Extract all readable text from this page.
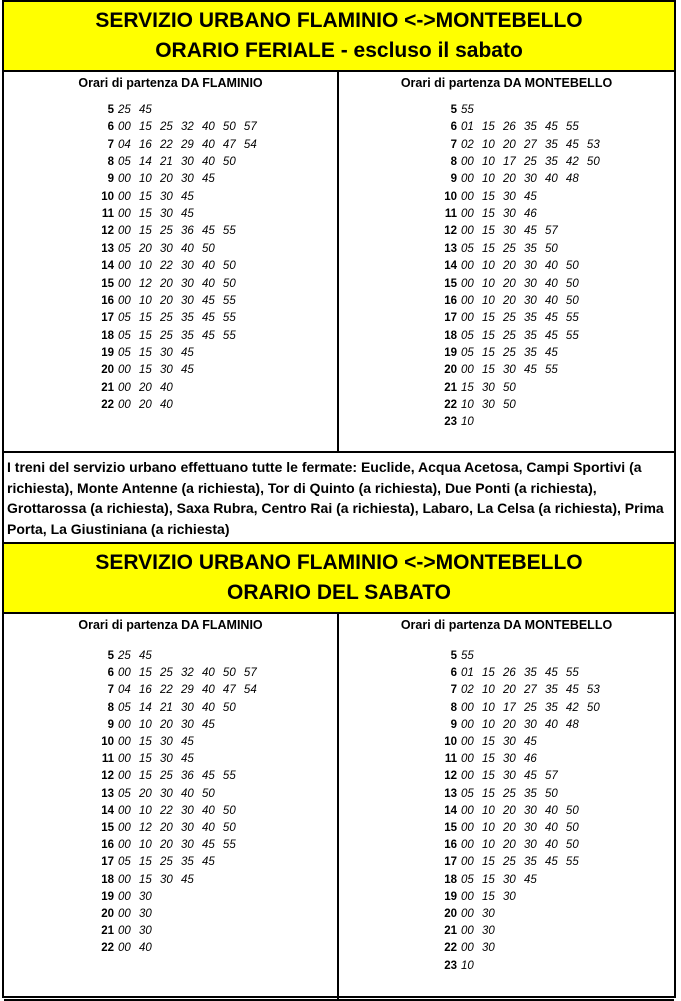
SERVIZIO URBANO FLAMINIO <->MONTEBELLO
ORARIO FERIALE - escluso il sabato
Orari di partenza DA FLAMINIO
5 25 45
6 00 15 25 32 40 50 57
7 04 16 22 29 40 47 54
8 05 14 21 30 40 50
9 00 10 20 30 45
10 00 15 30 45
11 00 15 30 45
12 00 15 25 36 45 55
13 05 20 30 40 50
14 00 10 22 30 40 50
15 00 12 20 30 40 50
16 00 10 20 30 45 55
17 05 15 25 35 45 55
18 05 15 25 35 45 55
19 05 15 30 45
20 00 15 30 45
21 00 20 40
22 00 20 40
Orari di partenza DA MONTEBELLO
5 55
6 01 15 26 35 45 55
7 02 10 20 27 35 45 53
8 00 10 17 25 35 42 50
9 00 10 20 30 40 48
10 00 15 30 45
11 00 15 30 46
12 00 15 30 45 57
13 05 15 25 35 50
14 00 10 20 30 40 50
15 00 10 20 30 40 50
16 00 10 20 30 40 50
17 00 15 25 35 45 55
18 05 15 25 35 45 55
19 05 15 25 35 45
20 00 15 30 45 55
21 15 30 50
22 10 30 50
23 10
I treni del servizio urbano effettuano tutte le fermate: Euclide, Acqua Acetosa, Campi Sportivi (a richiesta), Monte Antenne (a richiesta), Tor di Quinto (a richiesta), Due Ponti (a richiesta), Grottarossa (a richiesta), Saxa Rubra, Centro Rai (a richiesta), Labaro, La Celsa (a richiesta), Prima Porta, La Giustiniana (a richiesta)
SERVIZIO URBANO FLAMINIO <->MONTEBELLO
ORARIO DEL SABATO
Orari di partenza DA FLAMINIO
5 25 45
6 00 15 25 32 40 50 57
7 04 16 22 29 40 47 54
8 05 14 21 30 40 50
9 00 10 20 30 45
10 00 15 30 45
11 00 15 30 45
12 00 15 25 36 45 55
13 05 20 30 40 50
14 00 10 22 30 40 50
15 00 12 20 30 40 50
16 00 10 20 30 45 55
17 05 15 25 35 45
18 00 15 30 45
19 00 30
20 00 30
21 00 30
22 00 40
Orari di partenza DA MONTEBELLO
5 55
6 01 15 26 35 45 55
7 02 10 20 27 35 45 53
8 00 10 17 25 35 42 50
9 00 10 20 30 40 48
10 00 15 30 45
11 00 15 30 46
12 00 15 30 45 57
13 05 15 25 35 50
14 00 10 20 30 40 50
15 00 10 20 30 40 50
16 00 10 20 30 40 50
17 00 15 25 35 45 55
18 05 15 30 45
19 00 15 30
20 00 30
21 00 30
22 00 30
23 10
